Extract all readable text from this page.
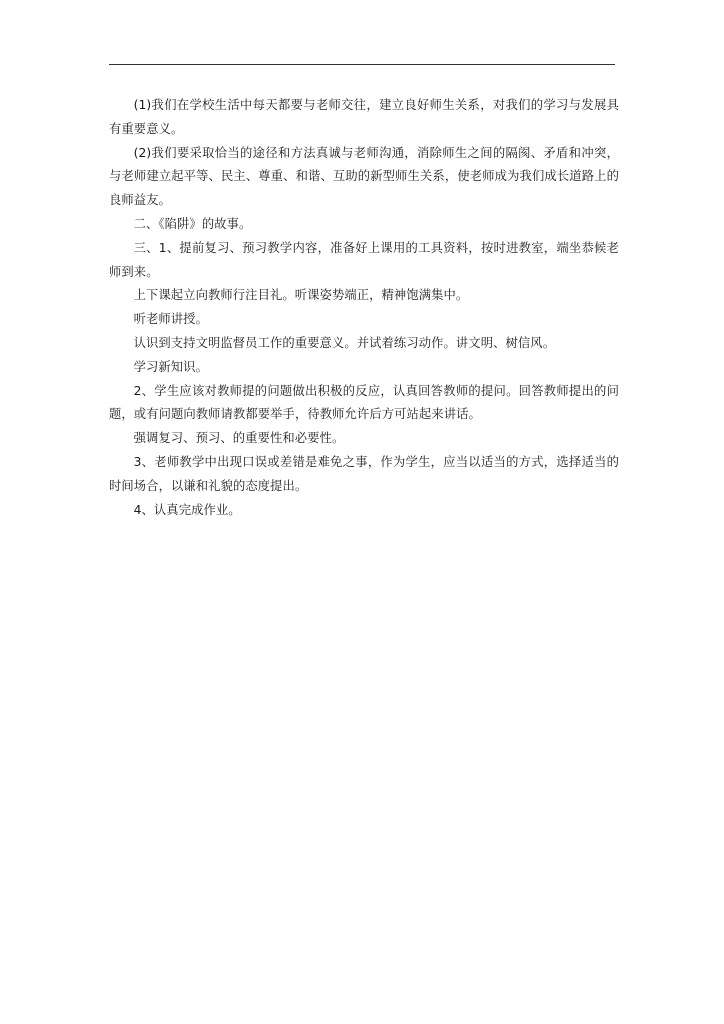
(1)我们在学校生活中每天都要与老师交往，建立良好师生关系，对我们的学习与发展具有重要意义。

(2)我们要采取恰当的途径和方法真诚与老师沟通，消除师生之间的隔阂、矛盾和冲突，与老师建立起平等、民主、尊重、和谐、互助的新型师生关系，使老师成为我们成长道路上的良师益友。

二、《陷阱》的故事。

三、1、提前复习、预习教学内容，准备好上课用的工具资料，按时进教室，端坐恭候老师到来。

上下课起立向教师行注目礼。听课姿势端正，精神饱满集中。

听老师讲授。

认识到支持文明监督员工作的重要意义。并试着练习动作。讲文明、树信风。

学习新知识。

2、学生应该对教师提的问题做出积极的反应，认真回答教师的提问。回答教师提出的问题，或有问题向教师请教都要举手，待教师允许后方可站起来讲话。

强调复习、预习、的重要性和必要性。

3、老师教学中出现口误或差错是难免之事，作为学生，应当以适当的方式，选择适当的时间场合，以谦和礼貌的态度提出。

4、认真完成作业。
